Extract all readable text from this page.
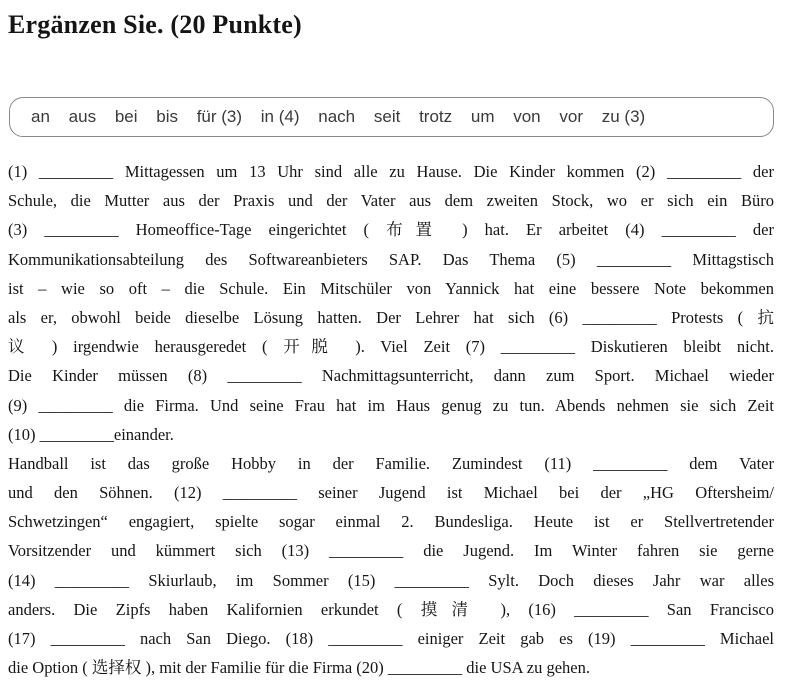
Ergänzen Sie. (20 Punkte)
an aus bei bis für (3) in (4) nach seit trotz um von vor zu (3)
(1) _________ Mittagessen um 13 Uhr sind alle zu Hause. Die Kinder kommen (2) _________ der
Schule, die Mutter aus der Praxis und der Vater aus dem zweiten Stock, wo er sich ein Büro
(3) _________ Homeoffice-Tage eingerichtet ( 布置 ) hat. Er arbeitet (4) _________ der
Kommunikationsabteilung des Softwareanbieters SAP. Das Thema (5) _________ Mittagstisch
ist – wie so oft – die Schule. Ein Mitschüler von Yannick hat eine bessere Note bekommen
als er, obwohl beide dieselbe Lösung hatten. Der Lehrer hat sich (6) _________ Protests ( 抗
议 ) irgendwie herausgeredet ( 开脱 ). Viel Zeit (7) _________ Diskutieren bleibt nicht.
Die Kinder müssen (8) _________ Nachmittagsunterricht, dann zum Sport. Michael wieder
(9) _________ die Firma. Und seine Frau hat im Haus genug zu tun. Abends nehmen sie sich Zeit
(10) _________einander.
Handball ist das große Hobby in der Familie. Zumindest (11) _________ dem Vater
und den Söhnen. (12) _________ seiner Jugend ist Michael bei der „HG Oftersheim/
Schwetzingen“ engagiert, spielte sogar einmal 2. Bundesliga. Heute ist er Stellvertretender
Vorsitzender und kümmert sich (13) _________ die Jugend. Im Winter fahren sie gerne
(14) _________ Skiurlaub, im Sommer (15) _________ Sylt. Doch dieses Jahr war alles
anders. Die Zipfs haben Kalifornien erkundet ( 摸清 ), (16) _________ San Francisco
(17) _________ nach San Diego. (18) _________ einiger Zeit gab es (19) _________ Michael
die Option ( 选择权 ), mit der Familie für die Firma (20) _________ die USA zu gehen.
